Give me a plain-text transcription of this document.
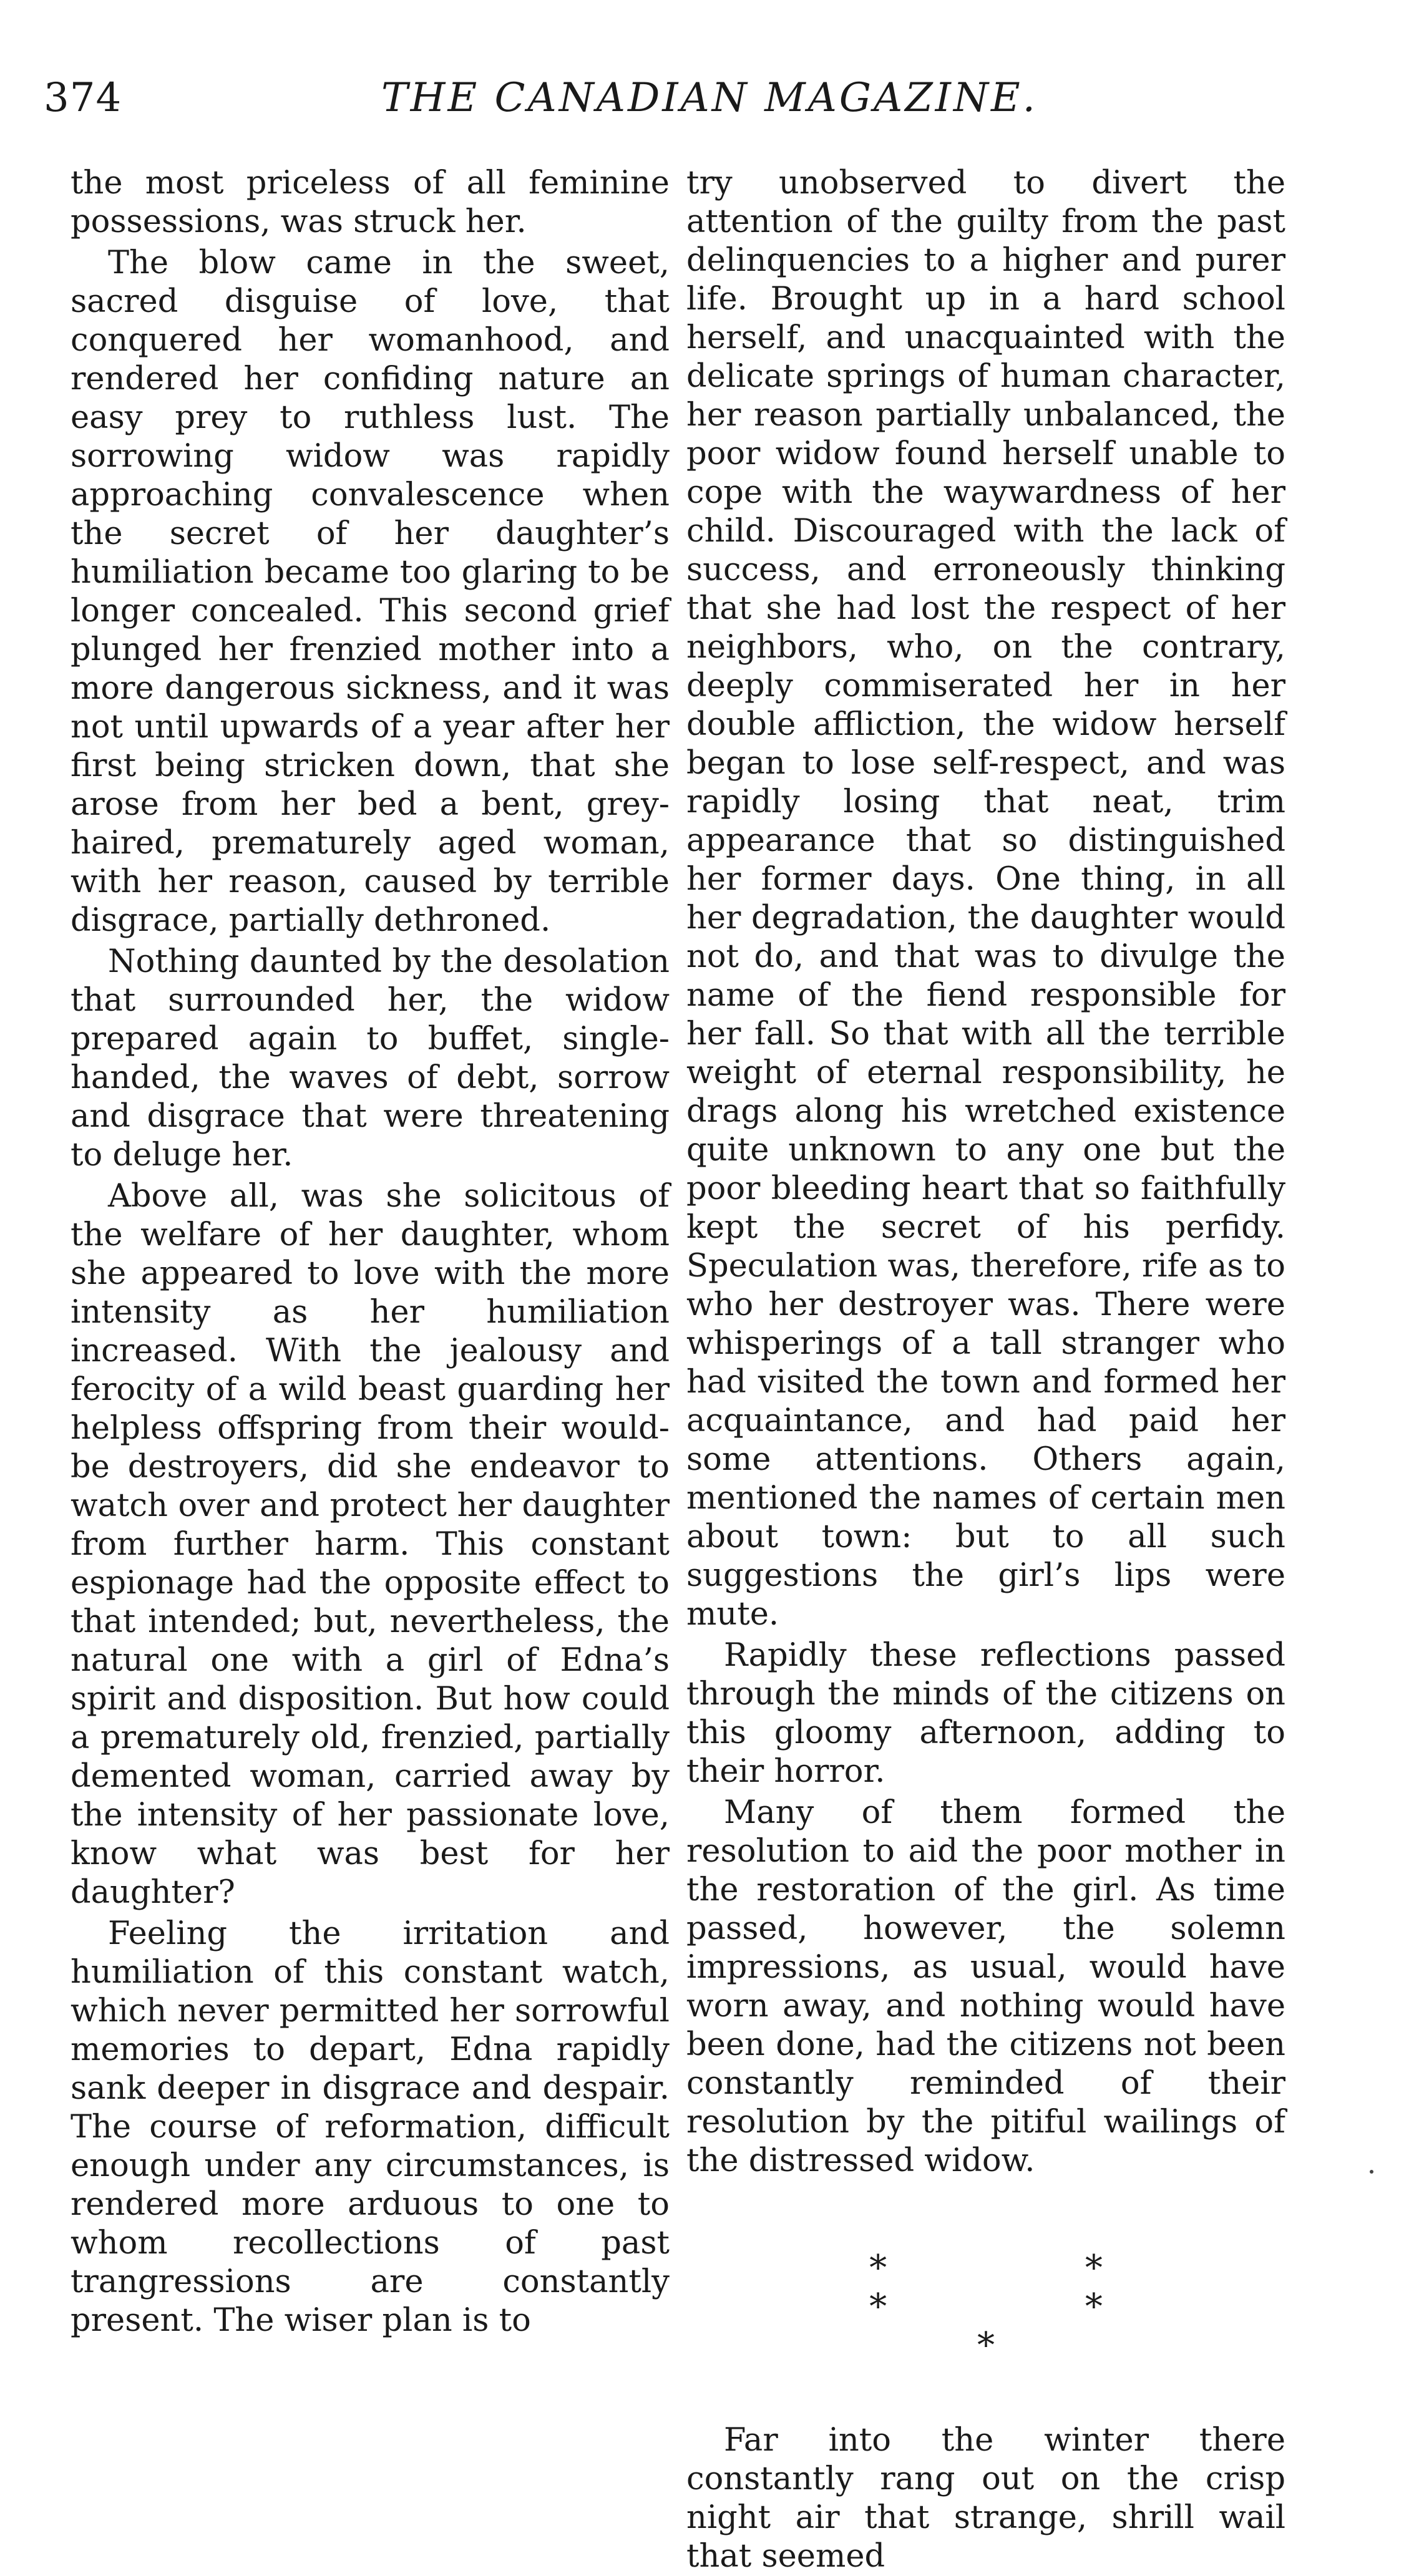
374	THE CANADIAN MAGAZINE.

the most priceless of all feminine possessions, was struck her.

The blow came in the sweet, sacred disguise of love, that conquered her womanhood, and rendered her confiding nature an easy prey to ruthless lust. The sorrowing widow was rapidly approaching convalescence when the secret of her daughter’s humiliation became too glaring to be longer concealed. This second grief plunged her frenzied mother into a more dangerous sickness, and it was not until upwards of a year after her first being stricken down, that she arose from her bed a bent, grey-haired, prematurely aged woman, with her reason, caused by terrible disgrace, partially dethroned.

Nothing daunted by the desolation that surrounded her, the widow prepared again to buffet, single-handed, the waves of debt, sorrow and disgrace that were threatening to deluge her.

Above all, was she solicitous of the welfare of her daughter, whom she appeared to love with the more intensity as her humiliation increased. With the jealousy and ferocity of a wild beast guarding her helpless offspring from their would-be destroyers, did she endeavor to watch over and protect her daughter from further harm. This constant espionage had the opposite effect to that intended; but, nevertheless, the natural one with a girl of Edna’s spirit and disposition. But how could a prematurely old, frenzied, partially demented woman, carried away by the intensity of her passionate love, know what was best for her daughter?

Feeling the irritation and humiliation of this constant watch, which never permitted her sorrowful memories to depart, Edna rapidly sank deeper in disgrace and despair. The course of reformation, difficult enough under any circumstances, is rendered more arduous to one to whom recollections of past trangressions are constantly present. The wiser plan is to

try unobserved to divert the attention of the guilty from the past delinquencies to a higher and purer life. Brought up in a hard school herself, and unacquainted with the delicate springs of human character, her reason partially unbalanced, the poor widow found herself unable to cope with the waywardness of her child. Discouraged with the lack of success, and erroneously thinking that she had lost the respect of her neighbors, who, on the contrary, deeply commiserated her in her double affliction, the widow herself began to lose self-respect, and was rapidly losing that neat, trim appearance that so distinguished her former days. One thing, in all her degradation, the daughter would not do, and that was to divulge the name of the fiend responsible for her fall. So that with all the terrible weight of eternal responsibility, he drags along his wretched existence quite unknown to any one but the poor bleeding heart that so faithfully kept the secret of his perfidy. Speculation was, therefore, rife as to who her destroyer was. There were whisperings of a tall stranger who had visited the town and formed her acquaintance, and had paid her some attentions. Others again, mentioned the names of certain men about town: but to all such suggestions the girl’s lips were mute.

Rapidly these reflections passed through the minds of the citizens on this gloomy afternoon, adding to their horror.

Many of them formed the resolution to aid the poor mother in the restoration of the girl. As time passed, however, the solemn impressions, as usual, would have worn away, and nothing would have been done, had the citizens not been constantly reminded of their resolution by the pitiful wailings of the distressed widow.

* * * * *

Far into the winter there constantly rang out on the crisp night air that strange, shrill wail that seemed
